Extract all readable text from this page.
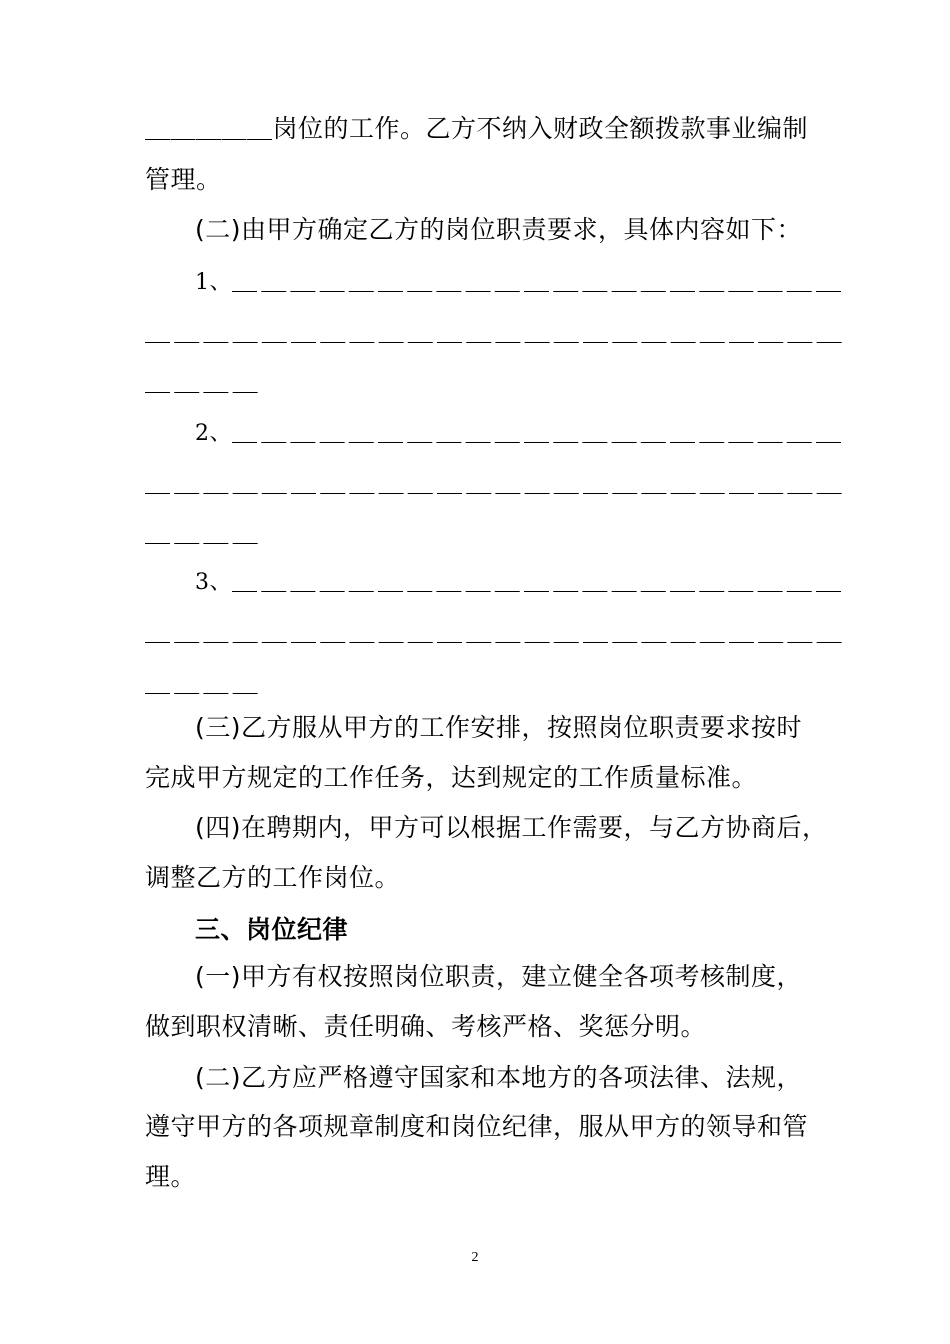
＿＿＿＿＿岗位的工作。乙方不纳入财政全额拨款事业编制
管理。
(二)由甲方确定乙方的岗位职责要求，具体内容如下：
1、＿＿＿＿＿＿＿＿＿＿＿＿＿＿＿＿＿＿＿＿＿
＿＿＿＿＿＿＿＿＿＿＿＿＿＿＿＿＿＿＿＿＿＿＿＿
＿＿＿＿
2、＿＿＿＿＿＿＿＿＿＿＿＿＿＿＿＿＿＿＿＿＿
＿＿＿＿＿＿＿＿＿＿＿＿＿＿＿＿＿＿＿＿＿＿＿＿
＿＿＿＿
3、＿＿＿＿＿＿＿＿＿＿＿＿＿＿＿＿＿＿＿＿＿
＿＿＿＿＿＿＿＿＿＿＿＿＿＿＿＿＿＿＿＿＿＿＿＿
＿＿＿＿
(三)乙方服从甲方的工作安排，按照岗位职责要求按时
完成甲方规定的工作任务，达到规定的工作质量标准。
(四)在聘期内，甲方可以根据工作需要，与乙方协商后，
调整乙方的工作岗位。
三、岗位纪律
(一)甲方有权按照岗位职责，建立健全各项考核制度，
做到职权清晰、责任明确、考核严格、奖惩分明。
(二)乙方应严格遵守国家和本地方的各项法律、法规，
遵守甲方的各项规章制度和岗位纪律，服从甲方的领导和管
理。
2
